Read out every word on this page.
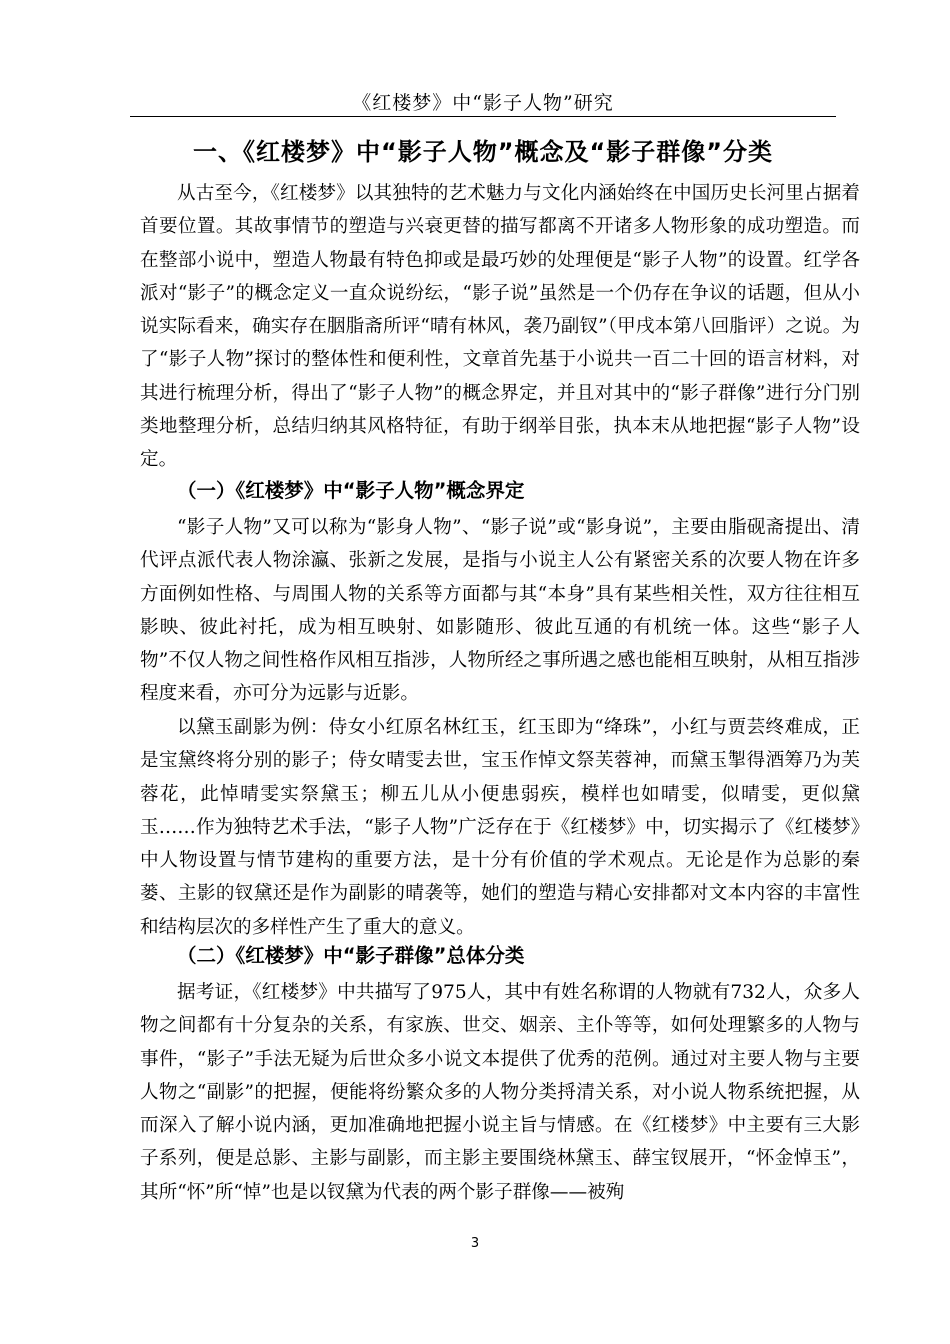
《红楼梦》中“影子人物”研究
一、《红楼梦》中“影子人物”概念及“影子群像”分类

从古至今，《红楼梦》以其独特的艺术魅力与文化内涵始终在中国历史长河里占据着首要位置。其故事情节的塑造与兴衰更替的描写都离不开诸多人物形象的成功塑造。而在整部小说中，塑造人物最有特色抑或是最巧妙的处理便是“影子人物”的设置。红学各派对“影子”的概念定义一直众说纷纭，“影子说”虽然是一个仍存在争议的话题，但从小说实际看来，确实存在胭脂斋所评“晴有林风，袭乃副钗”（甲戌本第八回脂评）之说。为了“影子人物”探讨的整体性和便利性，文章首先基于小说共一百二十回的语言材料，对其进行梳理分析，得出了“影子人物”的概念界定，并且对其中的“影子群像”进行分门别类地整理分析，总结归纳其风格特征，有助于纲举目张，执本末从地把握“影子人物”设定。

（一）《红楼梦》中“影子人物”概念界定

“影子人物”又可以称为“影身人物”、“影子说”或“影身说”，主要由脂砚斋提出、清代评点派代表人物涂瀛、张新之发展，是指与小说主人公有紧密关系的次要人物在许多方面例如性格、与周围人物的关系等方面都与其“本身”具有某些相关性，双方往往相互影映、彼此衬托，成为相互映射、如影随形、彼此互通的有机统一体。这些“影子人物”不仅人物之间性格作风相互指涉，人物所经之事所遇之感也能相互映射，从相互指涉程度来看，亦可分为远影与近影。

以黛玉副影为例：侍女小红原名林红玉，红玉即为“绛珠”，小红与贾芸终难成，正是宝黛终将分别的影子；侍女晴雯去世，宝玉作悼文祭芙蓉神，而黛玉掣得酒筹乃为芙蓉花，此悼晴雯实祭黛玉；柳五儿从小便患弱疾，模样也如晴雯，似晴雯，更似黛玉……作为独特艺术手法，“影子人物”广泛存在于《红楼梦》中，切实揭示了《红楼梦》中人物设置与情节建构的重要方法，是十分有价值的学术观点。无论是作为总影的秦蒌、主影的钗黛还是作为副影的晴袭等，她们的塑造与精心安排都对文本内容的丰富性和结构层次的多样性产生了重大的意义。

（二）《红楼梦》中“影子群像”总体分类

据考证，《红楼梦》中共描写了975人，其中有姓名称谓的人物就有732人，众多人物之间都有十分复杂的关系，有家族、世交、姻亲、主仆等等，如何处理繁多的人物与事件，“影子”手法无疑为后世众多小说文本提供了优秀的范例。通过对主要人物与主要人物之“副影”的把握，便能将纷繁众多的人物分类捋清关系，对小说人物系统把握，从而深入了解小说内涵，更加准确地把握小说主旨与情感。在《红楼梦》中主要有三大影子系列，便是总影、主影与副影，而主影主要围绕林黛玉、薛宝钗展开，“怀金悼玉”，其所“怀”所“悼”也是以钗黛为代表的两个影子群像——被殉

3
